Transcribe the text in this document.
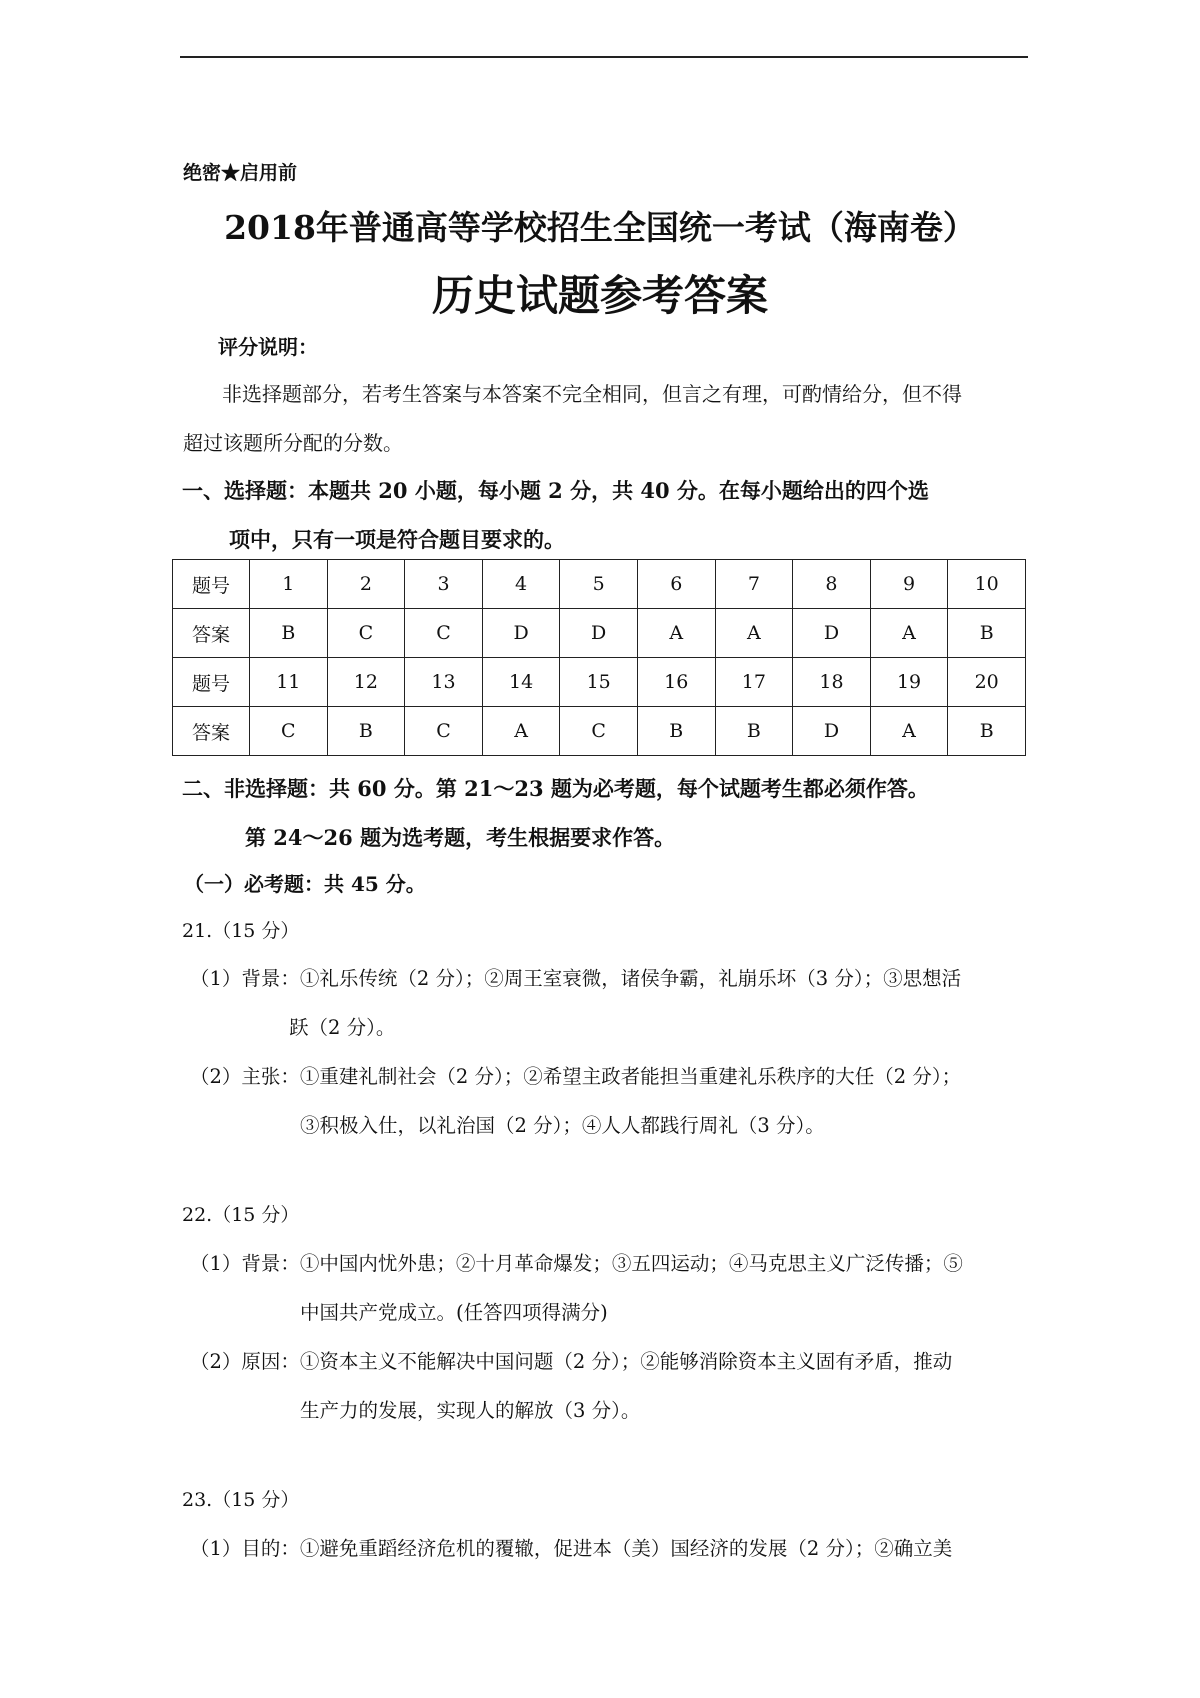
绝密★启用前
2018年普通高等学校招生全国统一考试（海南卷）
历史试题参考答案
评分说明：
非选择题部分，若考生答案与本答案不完全相同，但言之有理，可酌情给分，但不得
超过该题所分配的分数。
一、选择题：本题共 20 小题，每小题 2 分，共 40 分。在每小题给出的四个选
项中，只有一项是符合题目要求的。
题号	1	2	3	4	5	6	7	8	9	10
答案	B	C	C	D	D	A	A	D	A	B
题号	11	12	13	14	15	16	17	18	19	20
答案	C	B	C	A	C	B	B	D	A	B
二、非选择题：共 60 分。第 21～23 题为必考题，每个试题考生都必须作答。
第 24～26 题为选考题，考生根据要求作答。
（一）必考题：共 45 分。
21.（15 分）
（1）背景：①礼乐传统（2 分）；②周王室衰微，诸侯争霸，礼崩乐坏（3 分）；③思想活
跃（2 分）。
（2）主张：①重建礼制社会（2 分）；②希望主政者能担当重建礼乐秩序的大任（2 分）；
③积极入仕，以礼治国（2 分）；④人人都践行周礼（3 分）。
22.（15 分）
（1）背景：①中国内忧外患；②十月革命爆发；③五四运动；④马克思主义广泛传播；⑤
中国共产党成立。(任答四项得满分)
（2）原因：①资本主义不能解决中国问题（2 分）；②能够消除资本主义固有矛盾，推动
生产力的发展，实现人的解放（3 分）。
23.（15 分）
（1）目的：①避免重蹈经济危机的覆辙，促进本（美）国经济的发展（2 分）；②确立美
